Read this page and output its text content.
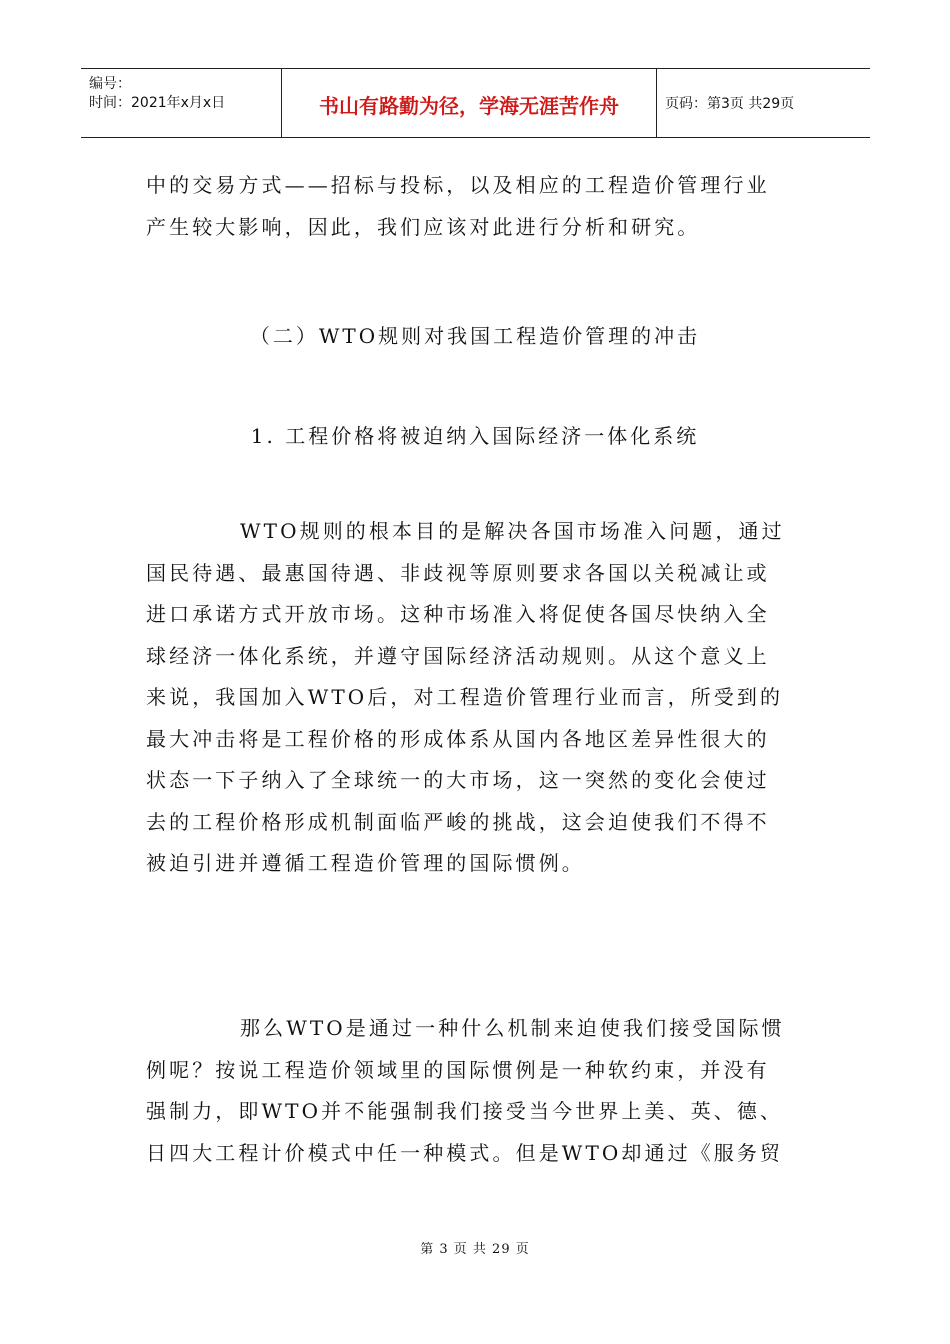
编号：
时间：2021年x月x日	书山有路勤为径，学海无涯苦作舟	页码：第3页 共29页
中的交易方式——招标与投标，以及相应的工程造价管理行业
产生较大影响，因此，我们应该对此进行分析和研究。
（二）WTO规则对我国工程造价管理的冲击
1. 工程价格将被迫纳入国际经济一体化系统
WTO规则的根本目的是解决各国市场准入问题，通过
国民待遇、最惠国待遇、非歧视等原则要求各国以关税减让或
进口承诺方式开放市场。这种市场准入将促使各国尽快纳入全
球经济一体化系统，并遵守国际经济活动规则。从这个意义上
来说，我国加入WTO后，对工程造价管理行业而言，所受到的
最大冲击将是工程价格的形成体系从国内各地区差异性很大的
状态一下子纳入了全球统一的大市场，这一突然的变化会使过
去的工程价格形成机制面临严峻的挑战，这会迫使我们不得不
被迫引进并遵循工程造价管理的国际惯例。
那么WTO是通过一种什么机制来迫使我们接受国际惯
例呢？按说工程造价领域里的国际惯例是一种软约束，并没有
强制力，即WTO并不能强制我们接受当今世界上美、英、德、
日四大工程计价模式中任一种模式。但是WTO却通过《服务贸
第 3 页 共 29 页
